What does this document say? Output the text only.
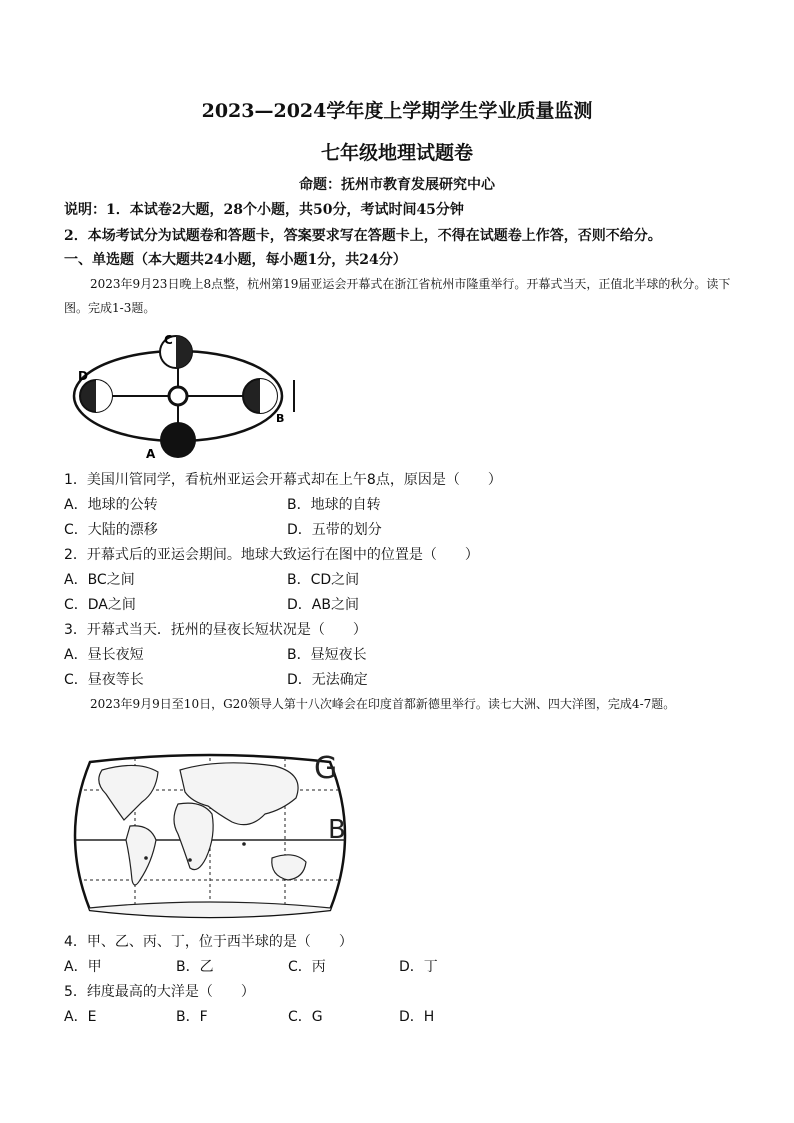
2023—2024学年度上学期学生学业质量监测
七年级地理试题卷
命题：抚州市教育发展研究中心
说明：1．本试卷2大题，28个小题，共50分，考试时间45分钟
2．本场考试分为试题卷和答题卡，答案要求写在答题卡上，不得在试题卷上作答，否则不给分。
一、单选题（本大题共24小题，每小题1分，共24分）
2023年9月23日晚上8点整，杭州第19届亚运会开幕式在浙江省杭州市隆重举行。开幕式当天，正值北半球的秋分。读下图。完成1-3题。
C
D
B
A
1．美国川管同学，看杭州亚运会开幕式却在上午8点，原因是（　　）
A．地球的公转	B．地球的自转
C．大陆的漂移	D．五带的划分
2．开幕式后的亚运会期间。地球大致运行在图中的位置是（　　）
A．BC之间	B．CD之间
C．DA之间	D．AB之间
3．开幕式当天．抚州的昼夜长短状况是（　　）
A．昼长夜短	B．昼短夜长
C．昼夜等长	D．无法确定
2023年9月9日至10日，G20领导人第十八次峰会在印度首都新德里举行。读七大洲、四大洋图，完成4-7题。
G
B
4．甲、乙、丙、丁，位于西半球的是（　　）
A．甲	B．乙	C．丙	D．丁
5．纬度最高的大洋是（　　）
A．E	B．F	C．G	D．H
